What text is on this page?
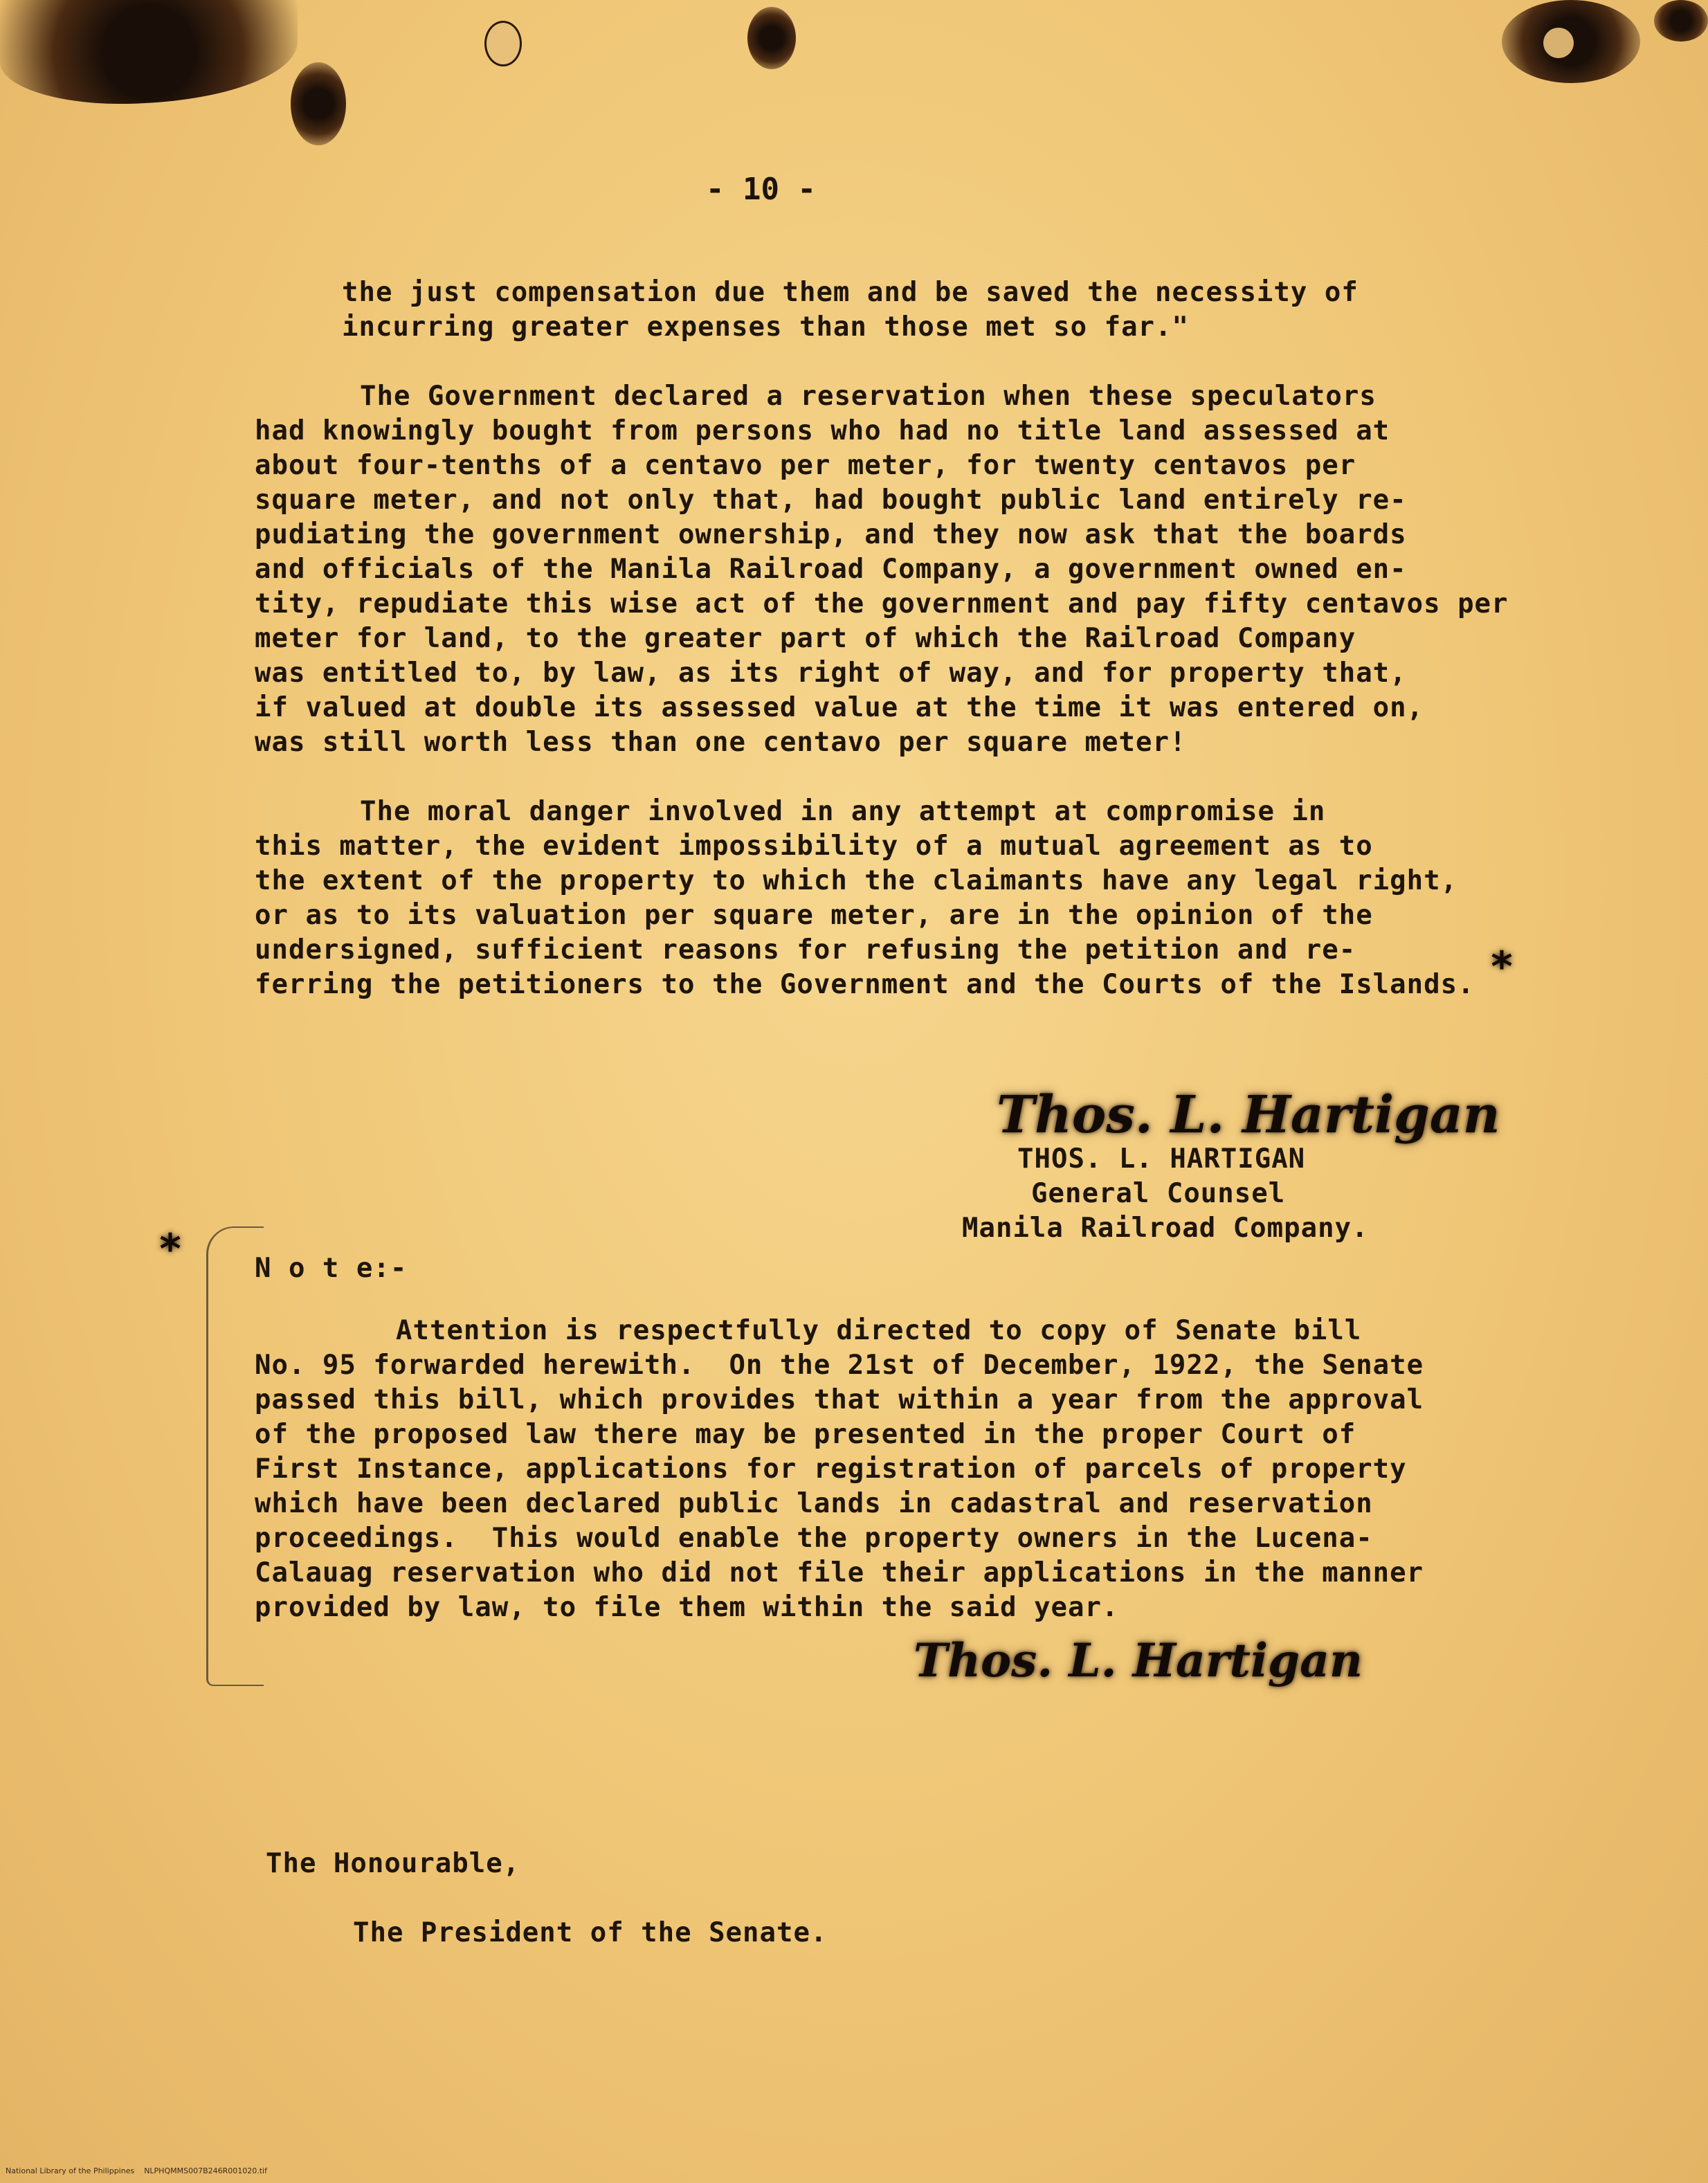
- 10 -
the just compensation due them and be saved the necessity of
incurring greater expenses than those met so far."
The Government declared a reservation when these speculators
had knowingly bought from persons who had no title land assessed at
about four-tenths of a centavo per meter, for twenty centavos per
square meter, and not only that, had bought public land entirely re-
pudiating the government ownership, and they now ask that the boards
and officials of the Manila Railroad Company, a government owned en-
tity, repudiate this wise act of the government and pay fifty centavos per
meter for land, to the greater part of which the Railroad Company
was entitled to, by law, as its right of way, and for property that,
if valued at double its assessed value at the time it was entered on,
was still worth less than one centavo per square meter!
The moral danger involved in any attempt at compromise in
this matter, the evident impossibility of a mutual agreement as to
the extent of the property to which the claimants have any legal right,
or as to its valuation per square meter, are in the opinion of the
undersigned, sufficient reasons for refusing the petition and re-
ferring the petitioners to the Government and the Courts of the Islands. *
Thos. L. Hartigan
THOS. L. HARTIGAN
General Counsel
Manila Railroad Company.
*	N o t e:-
Attention is respectfully directed to copy of Senate bill
No. 95 forwarded herewith.  On the 21st of December, 1922, the Senate
passed this bill, which provides that within a year from the approval
of the proposed law there may be presented in the proper Court of
First Instance, applications for registration of parcels of property
which have been declared public lands in cadastral and reservation
proceedings.  This would enable the property owners in the Lucena-
Calauag reservation who did not file their applications in the manner
provided by law, to file them within the said year.
Thos. L. Hartigan
The Honourable,
The President of the Senate.
National Library of the Philippines    NLPHQMMS007B246R001020.tif
